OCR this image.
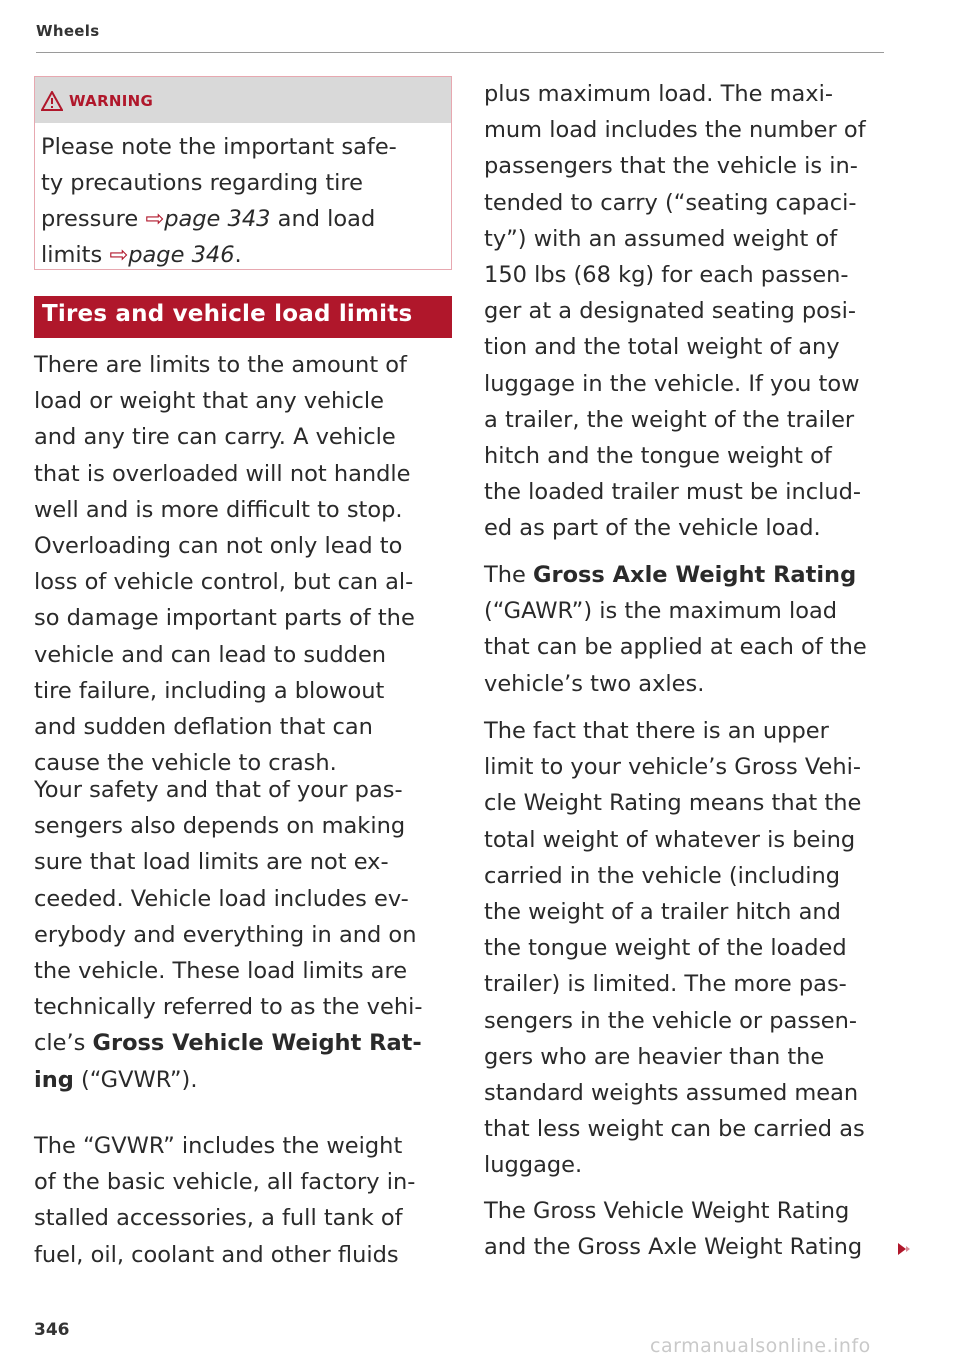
Wheels
WARNING
Please note the important safe-
ty precautions regarding tire
pressure ⇨page 343 and load
limits ⇨page 346.
Tires and vehicle load limits
There are limits to the amount of
load or weight that any vehicle
and any tire can carry. A vehicle
that is overloaded will not handle
well and is more difficult to stop.
Overloading can not only lead to
loss of vehicle control, but can al-
so damage important parts of the
vehicle and can lead to sudden
tire failure, including a blowout
and sudden deflation that can
cause the vehicle to crash.
Your safety and that of your pas-
sengers also depends on making
sure that load limits are not ex-
ceeded. Vehicle load includes ev-
erybody and everything in and on
the vehicle. These load limits are
technically referred to as the vehi-
cle’s Gross Vehicle Weight Rat-
ing (“GVWR”).
The “GVWR” includes the weight
of the basic vehicle, all factory in-
stalled accessories, a full tank of
fuel, oil, coolant and other fluids
plus maximum load. The maxi-
mum load includes the number of
passengers that the vehicle is in-
tended to carry (“seating capaci-
ty”) with an assumed weight of
150 lbs (68 kg) for each passen-
ger at a designated seating posi-
tion and the total weight of any
luggage in the vehicle. If you tow
a trailer, the weight of the trailer
hitch and the tongue weight of
the loaded trailer must be includ-
ed as part of the vehicle load.
The Gross Axle Weight Rating
(“GAWR”) is the maximum load
that can be applied at each of the
vehicle’s two axles.
The fact that there is an upper
limit to your vehicle’s Gross Vehi-
cle Weight Rating means that the
total weight of whatever is being
carried in the vehicle (including
the weight of a trailer hitch and
the tongue weight of the loaded
trailer) is limited. The more pas-
sengers in the vehicle or passen-
gers who are heavier than the
standard weights assumed mean
that less weight can be carried as
luggage.
The Gross Vehicle Weight Rating
and the Gross Axle Weight Rating
346
carmanualsonline.info
